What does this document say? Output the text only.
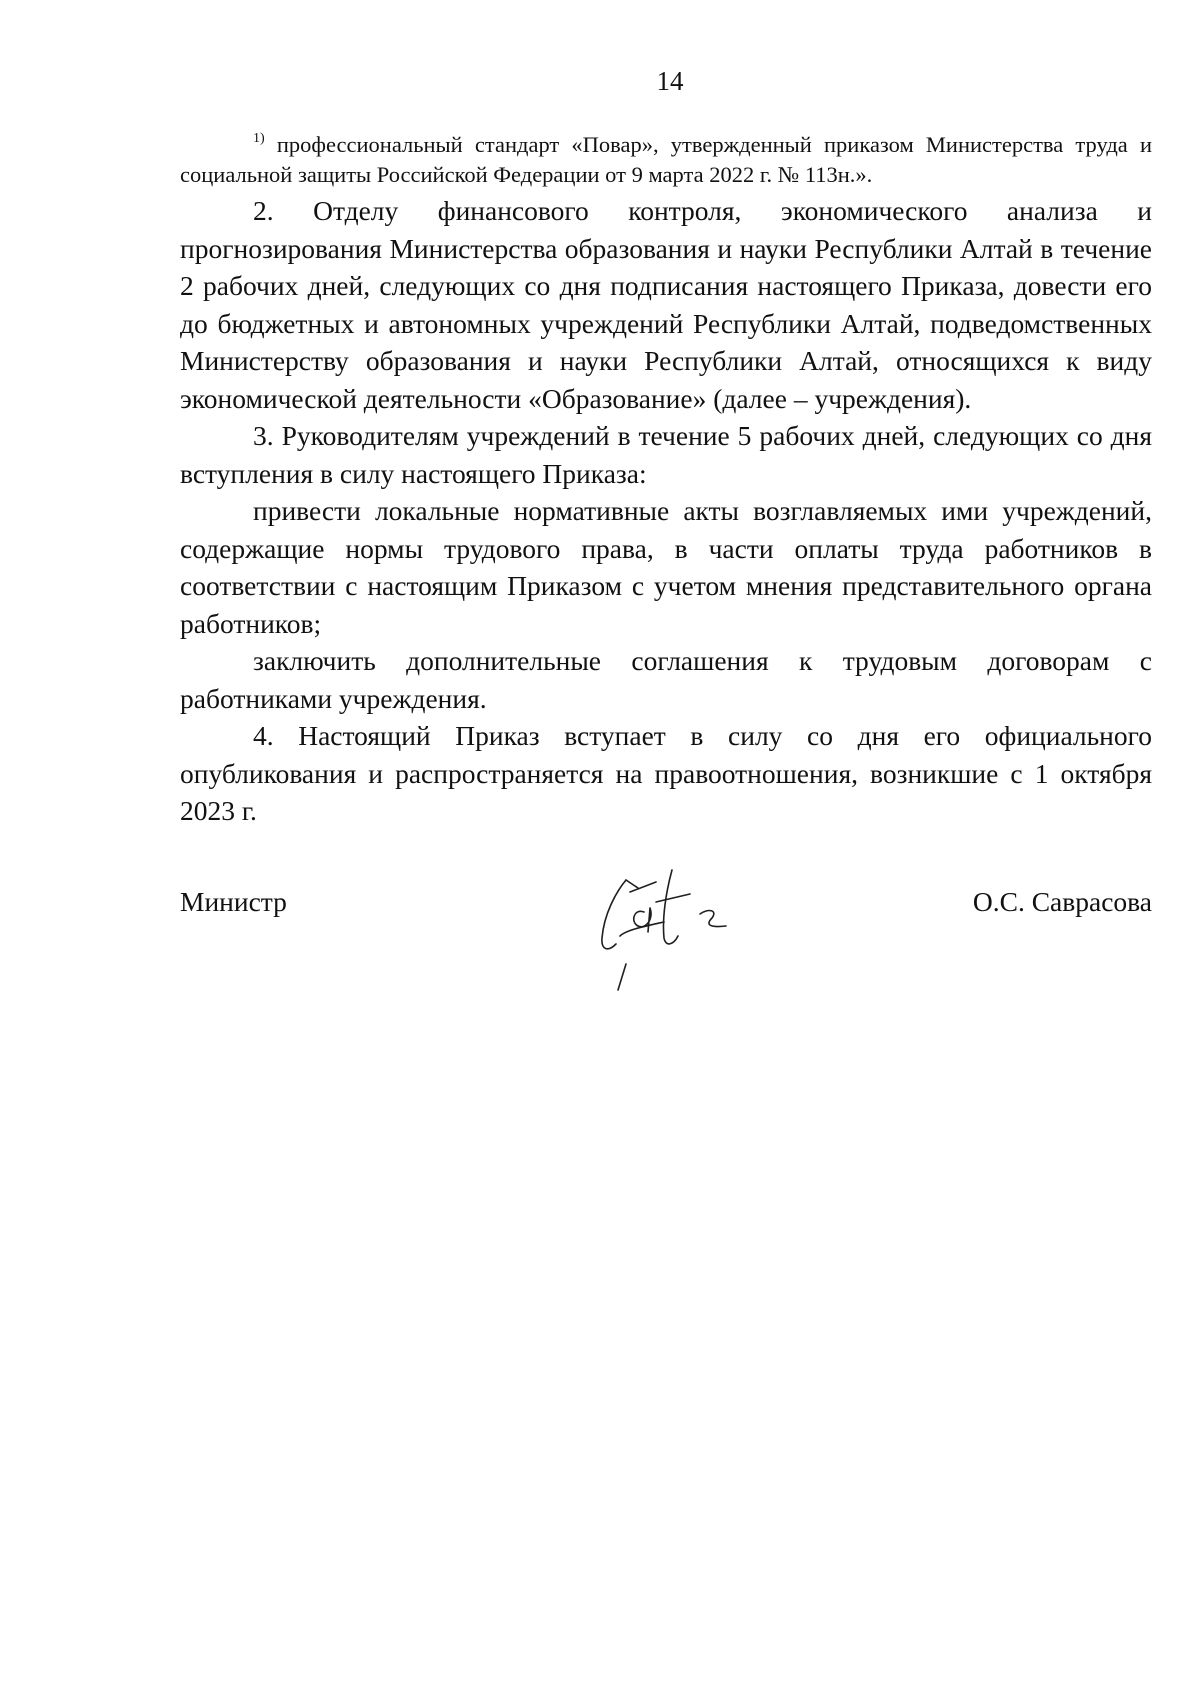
14

$^{1)}$ профессиональный стандарт «Повар», утвержденный приказом Министерства труда и социальной защиты Российской Федерации от 9 марта 2022 г. № 113н.».

2. Отделу финансового контроля, экономического анализа и прогнозирования Министерства образования и науки Республики Алтай в течение 2 рабочих дней, следующих со дня подписания настоящего Приказа, довести его до бюджетных и автономных учреждений Республики Алтай, подведомственных Министерству образования и науки Республики Алтай, относящихся к виду экономической деятельности «Образование» (далее – учреждения).

3. Руководителям учреждений в течение 5 рабочих дней, следующих со дня вступления в силу настоящего Приказа:

привести локальные нормативные акты возглавляемых ими учреждений, содержащие нормы трудового права, в части оплаты труда работников в соответствии с настоящим Приказом с учетом мнения представительного органа работников;

заключить дополнительные соглашения к трудовым договорам с работниками учреждения.

4. Настоящий Приказ вступает в силу со дня его официального опубликования и распространяется на правоотношения, возникшие с 1 октября 2023 г.

Министр	О.С. Саврасова
